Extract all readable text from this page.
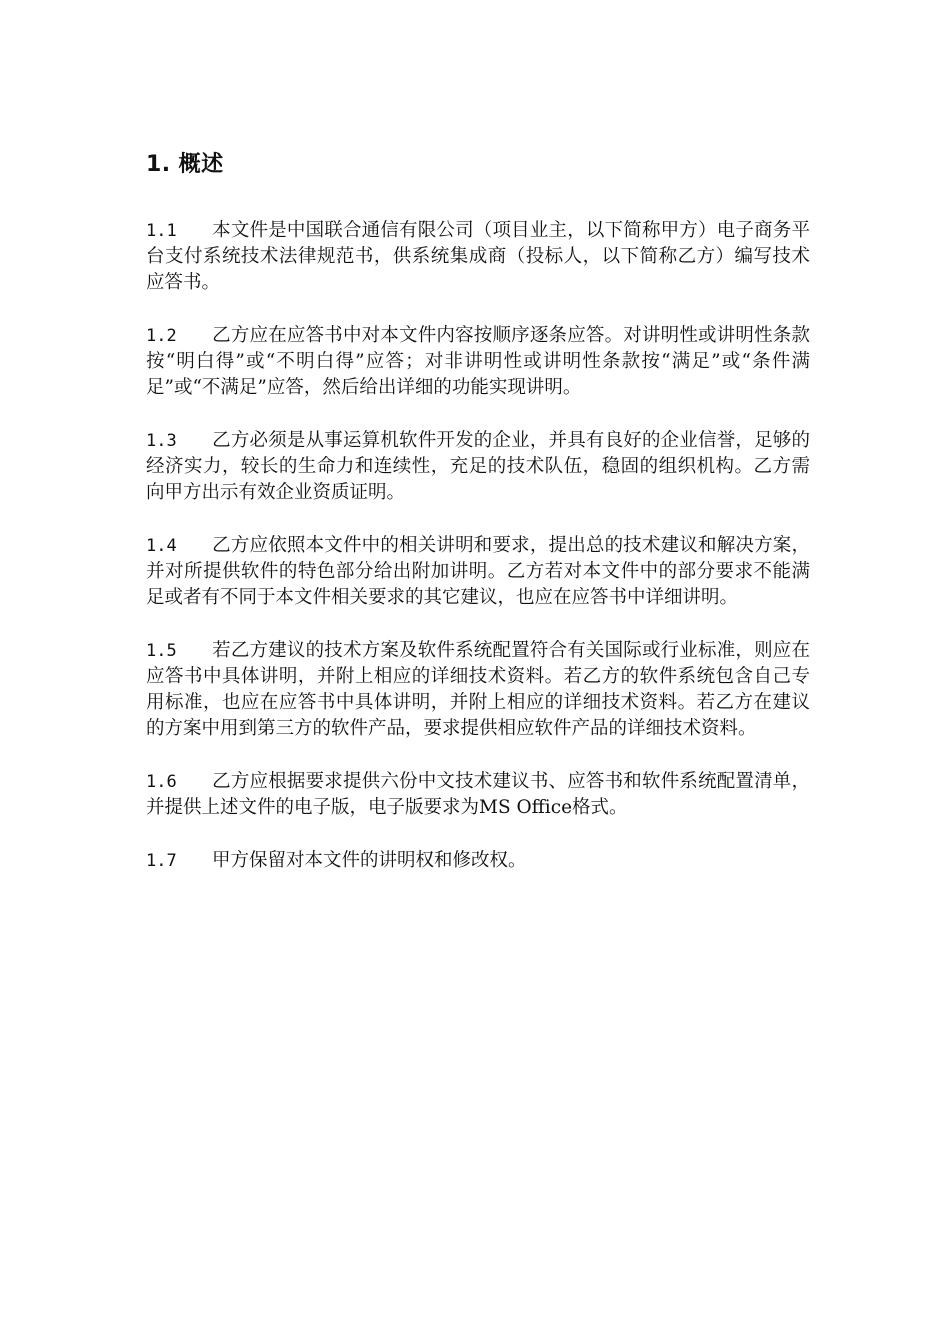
1. 概述

1.1 本文件是中国联合通信有限公司（项目业主，以下简称甲方）电子商务平台支付系统技术法律规范书，供系统集成商（投标人，以下简称乙方）编写技术应答书。

1.2 乙方应在应答书中对本文件内容按顺序逐条应答。对讲明性或讲明性条款按“明白得”或“不明白得”应答；对非讲明性或讲明性条款按“满足”或“条件满足”或“不满足”应答，然后给出详细的功能实现讲明。

1.3 乙方必须是从事运算机软件开发的企业，并具有良好的企业信誉，足够的经济实力，较长的生命力和连续性，充足的技术队伍，稳固的组织机构。乙方需向甲方出示有效企业资质证明。

1.4 乙方应依照本文件中的相关讲明和要求，提出总的技术建议和解决方案，并对所提供软件的特色部分给出附加讲明。乙方若对本文件中的部分要求不能满足或者有不同于本文件相关要求的其它建议，也应在应答书中详细讲明。

1.5 若乙方建议的技术方案及软件系统配置符合有关国际或行业标准，则应在应答书中具体讲明，并附上相应的详细技术资料。若乙方的软件系统包含自己专用标准，也应在应答书中具体讲明，并附上相应的详细技术资料。若乙方在建议的方案中用到第三方的软件产品，要求提供相应软件产品的详细技术资料。

1.6 乙方应根据要求提供六份中文技术建议书、应答书和软件系统配置清单，并提供上述文件的电子版，电子版要求为MS Office格式。

1.7 甲方保留对本文件的讲明权和修改权。
